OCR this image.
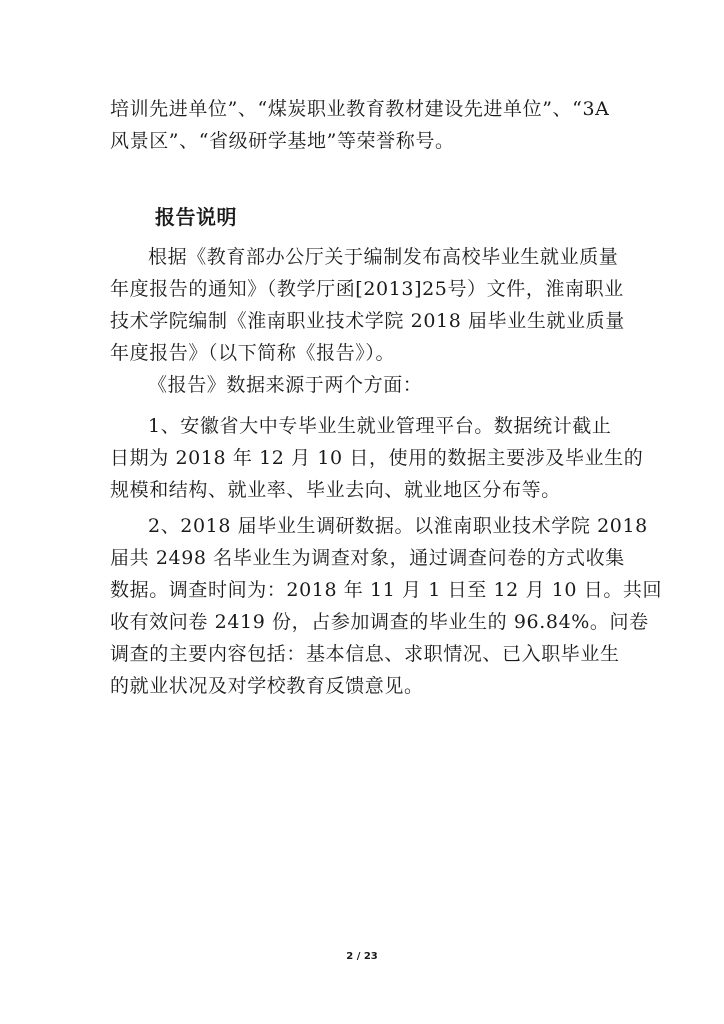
培训先进单位”、“煤炭职业教育教材建设先进单位”、“3A
风景区”、“省级研学基地”等荣誉称号。
报告说明
根据《教育部办公厅关于编制发布高校毕业生就业质量
年度报告的通知》（教学厅函[2013]25号）文件，淮南职业
技术学院编制《淮南职业技术学院 2018 届毕业生就业质量
年度报告》（以下简称《报告》）。
《报告》数据来源于两个方面：
1、安徽省大中专毕业生就业管理平台。数据统计截止
日期为 2018 年 12 月 10 日，使用的数据主要涉及毕业生的
规模和结构、就业率、毕业去向、就业地区分布等。
2、2018 届毕业生调研数据。以淮南职业技术学院 2018
届共 2498 名毕业生为调查对象，通过调查问卷的方式收集
数据。调查时间为：2018 年 11 月 1 日至 12 月 10 日。共回
收有效问卷 2419 份，占参加调查的毕业生的 96.84%。问卷
调查的主要内容包括：基本信息、求职情况、已入职毕业生
的就业状况及对学校教育反馈意见。
2 / 23
